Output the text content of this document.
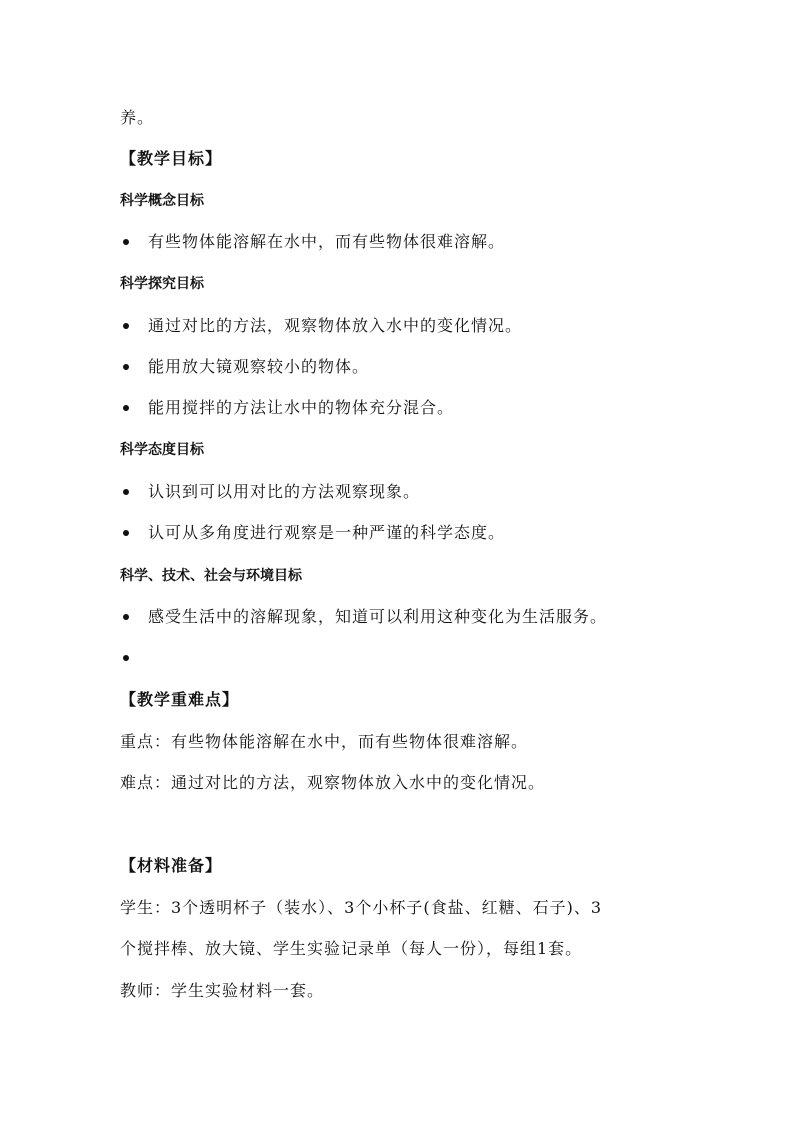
养。
【教学目标】
科学概念目标
有些物体能溶解在水中，而有些物体很难溶解。
科学探究目标
通过对比的方法，观察物体放入水中的变化情况。
能用放大镜观察较小的物体。
能用搅拌的方法让水中的物体充分混合。
科学态度目标
认识到可以用对比的方法观察现象。
认可从多角度进行观察是一种严谨的科学态度。
科学、技术、社会与环境目标
感受生活中的溶解现象，知道可以利用这种变化为生活服务。
【教学重难点】
重点：有些物体能溶解在水中，而有些物体很难溶解。
难点：通过对比的方法，观察物体放入水中的变化情况。
【材料准备】
学生：3个透明杯子（装水）、3个小杯子(食盐、红糖、石子)、3
个搅拌棒、放大镜、学生实验记录单（每人一份），每组1套。
教师：学生实验材料一套。
